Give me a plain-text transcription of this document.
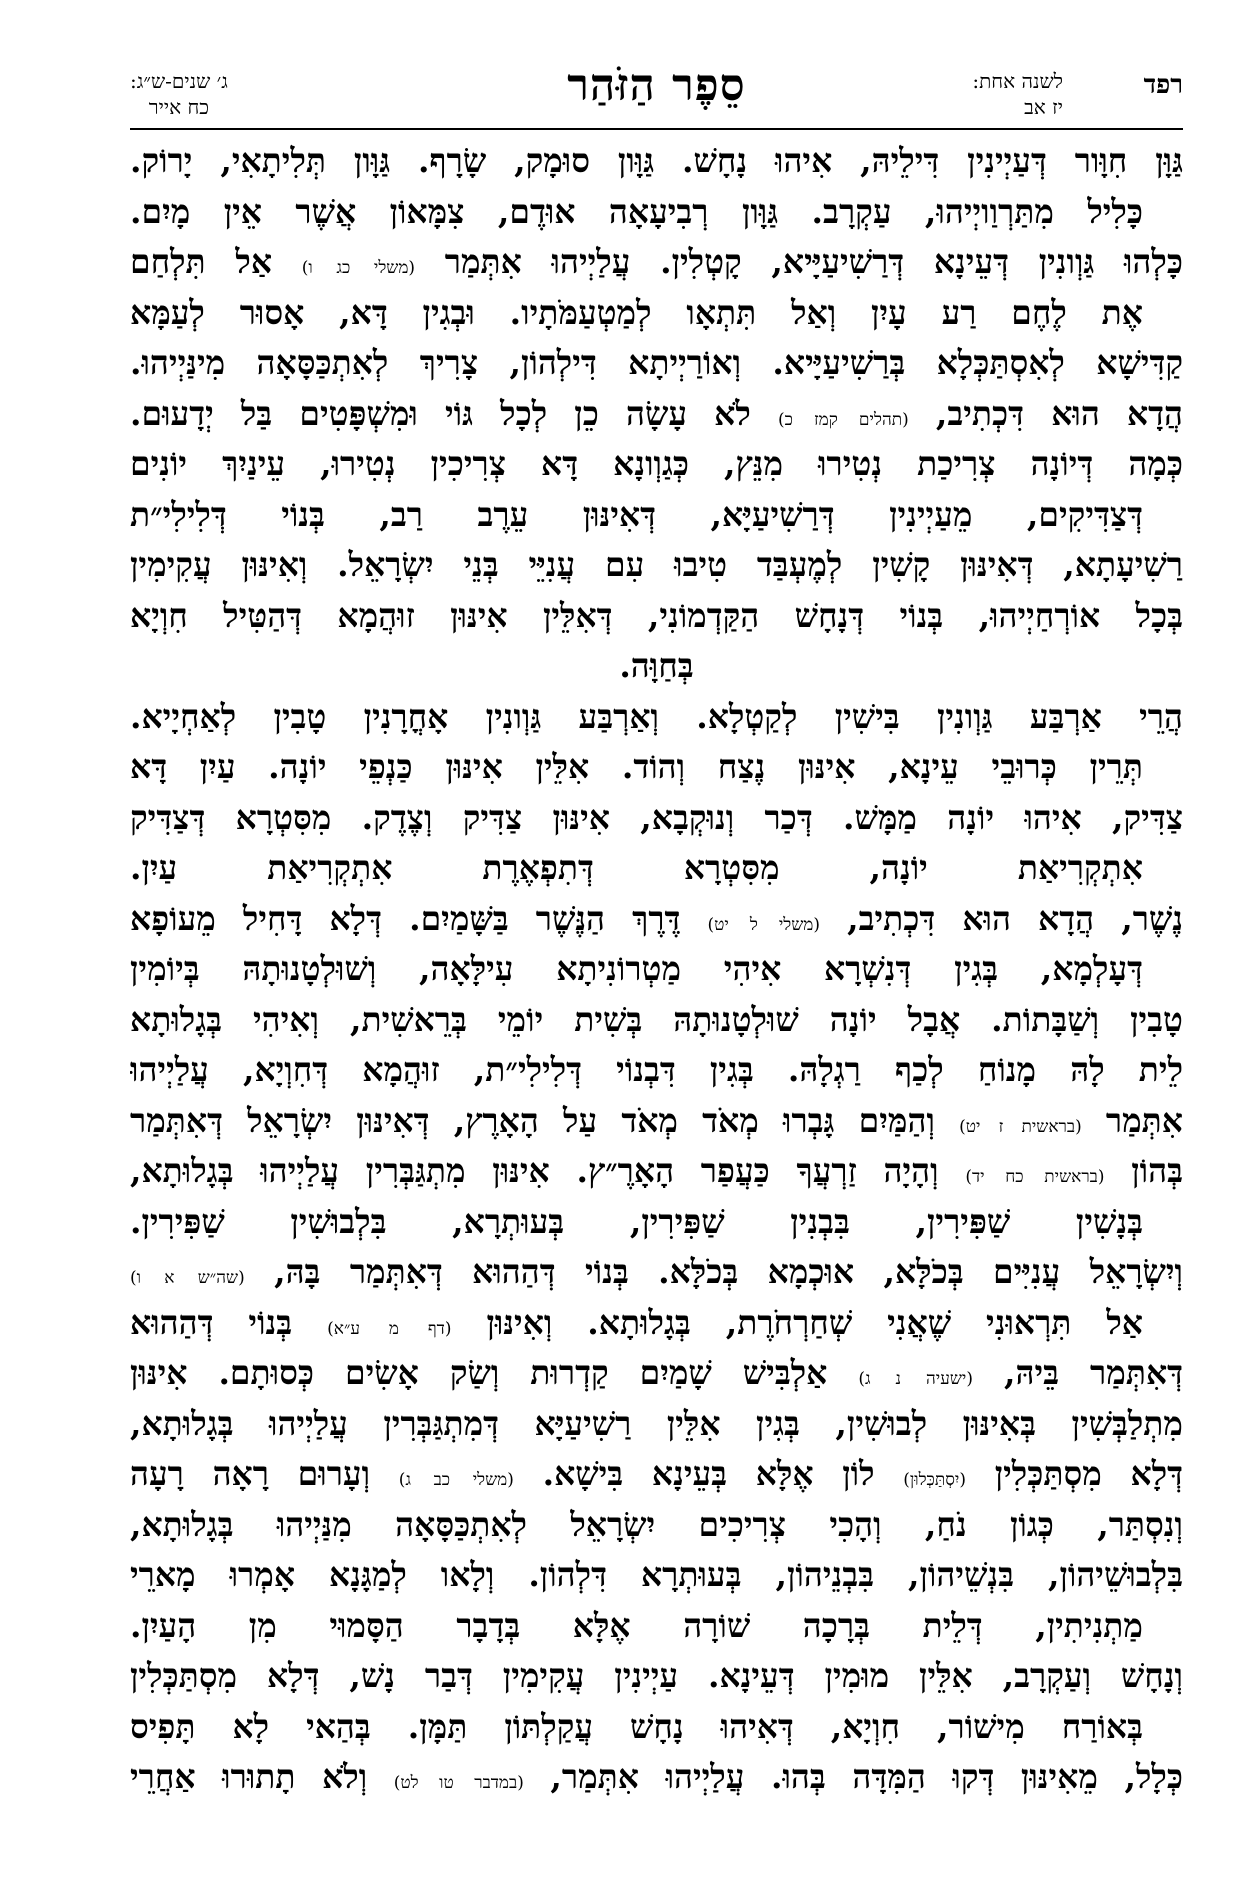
רפד
לשנה אחת:
יז אב
סֵפֶר הַזֹּהַר
ג׳ שנים-ש״ג:
כח אייר
גַּוָּן חִוָּור דְּעַיְינִין דִּילֵיהּ, אִיהוּ נָחָשׁ. גַּוָּון סוּמָק, שָׂרָף. גַּוָּון תְּלִיתָאִי, יָרוֹק.
כָּלִיל מִתַּרְוַויְיהוּ, עַקְרָב. גַּוָּון רְבִיעָאָה אוּדֶם, צִמָּאוֹן אֲשֶׁר אֵין מָיִם.
כָּלְהוּ גַּוְונִין דְּעֵינָא דְּרַשִׁיעַיָּיא, קָטְלִין. עֲלַיְיהוּ אִתְּמַר (משלי כג ו) אַל תִּלְחַם
אֶת לֶחֶם רַע עָיִן וְאַל תִּתְאָו לְמַטְעַמֹּתָיו. וּבְגִין דָּא, אָסוּר לְעַמָּא
קַדִּישָׁא לְאִסְתַּכְּלָא בְּרַשִׁיעַיָּיא. וְאוֹרַיְיתָא דִּילְהוֹן, צָרִיךְ לְאִתְכַּסָּאָה מִינַּיְיהוּ.
הֲדָא הוּא דִּכְתִיב, (תהלים קמז כ) לֹא עָשָׂה כֵן לְכָל גּוֹי וּמִשְׁפָּטִים בַּל יְדָעוּם.
כְּמָה דְּיוֹנָה צְרִיכַת נְטִירוּ מִנֵּץ, כְּגַוְונָא דָּא צְרִיכִין נְטִירוּ, עֵינַיִךְ יוֹנִים
דְּצַדִּיקִים, מֵעַיְינִין דְּרַשִׁיעַיָּא, דְּאִינּוּן עֵרֶב רַב, בְּנוֹי דְּלִילִי״ת
רַשִׁיעָתָא, דְּאִינּוּן קָשִׁין לְמֶעְבַּד טִיבוּ עִם עֲנִיֵּי בְּנֵי יִשְׂרָאֵל. וְאִינּוּן עֲקִימִין
בְּכָל אוֹרְחַיְיהוּ, בְּנוֹי דְּנָחָשׁ הַקַּדְמוֹנִי, דְּאִלֵּין אִינּוּן זוּהֲמָא דְּהַטִּיל חִוְיָא
בְּחַוָּה.
הֲרֵי אַרְבַּע גַּוְונִין בִּישִׁין לְקַטְלָא. וְאַרְבַּע גַּוְונִין אָחֳרָנִין טָבִין לְאַחְיָיא.
תְּרֵין כְּרוּבֵי עֵינָא, אִינּוּן נֶצַח וְהוֹד. אִלֵּין אִינּוּן כַּנְפֵי יוֹנָה. עַיִן דָּא
צַדִּיק, אִיהוּ יוֹנָה מַמָּשׁ. דְּכַר וְנוּקְבָא, אִינּוּן צַדִּיק וְצֶדֶק. מִסִּטְרָא דְּצַדִּיק
אִתְקְרִיאַת יוֹנָה, מִסִּטְרָא דְּתִפְאֶרֶת אִתְקְרִיאַת עַיִן.
נֶשֶׁר, הֲדָא הוּא דִּכְתִיב, (משלי ל יט) דֶּרֶךְ הַנֶּשֶׁר בַּשָּׁמַיִם. דְּלָא דָּחִיל מֵעוֹפָא
דְּעָלְמָא, בְּגִין דְּנִשְׁרָא אִיהִי מַטְרוֹנִיתָא עִילָּאָה, וְשׁוּלְטָנוּתָהּ בְּיוֹמִין
טָבִין וְשַׁבָּתוֹת. אֲבָל יוֹנָה שׁוּלְטָנוּתָהּ בְּשִׁית יוֹמֵי בְּרֵאשִׁית, וְאִיהִי בְּגָלוּתָא
לֵית לָהּ מָנוֹחַ לְכַף רַגְלָהּ. בְּגִין דִּבְנוֹי דְּלִילִי״ת, זוּהֲמָא דְּחִוְיָא, עֲלַיְיהוּ
אִתְּמַר (בראשית ז יט) וְהַמַּיִם גָּבְרוּ מְאֹד מְאֹד עַל הָאָרֶץ, דְּאִינּוּן יִשְׂרָאֵל דְּאִתְּמַר
בְּהוֹן (בראשית כח יד) וְהָיָה זַרְעֲךָ כַּעֲפַר הָאָרֶ״ץ. אִינּוּן מִתְגַּבְּרִין עֲלַיְיהוּ בְּגָלוּתָא,
בְּנָשִׁין שַׁפִּירִין, בִּבְנִין שַׁפִּירִין, בְּעוּתְרָא, בִּלְבוּשִׁין שַׁפִּירִין.
וְיִשְׂרָאֵל עֲנִיִּים בְּכֹלָּא, אוּכְמָא בְּכֹלָּא. בְּנוֹי דְּהַהוּא דְּאִתְּמַר בָּהּ, (שה״ש א ו)
אַל תִּרְאוּנִי שֶׁאֲנִי שְׁחַרְחֹרֶת, בְּגָלוּתָא. וְאִינּוּן (דף מ ע״א) בְּנוֹי דְּהַהוּא
דְּאִתְּמַר בֵּיהּ, (ישעיה נ ג) אַלְבִּישׁ שָׁמַיִם קַדְרוּת וְשַׂק אָשִׂים כְּסוּתָם. אִינּוּן
מִתְלַבְּשִׁין בְּאִינּוּן לְבוּשִׁין, בְּגִין אִלֵּין רַשִׁיעַיָּא דְּמִתְגַּבְּרִין עֲלַיְיהוּ בְּגָלוּתָא,
דְּלָא מִסְתַּכְּלִין (יִסְתַּכְּלוּן) לוֹן אֶלָּא בְּעֵינָא בִּישָׁא. (משלי כב ג) וְעָרוּם רָאָה רָעָה
וְנִסְתַּר, כְּגוֹן נֹחַ, וְהָכִי צְרִיכִים יִשְׂרָאֵל לְאִתְכַּסָּאָה מִנַּיְיהוּ בְּגָלוּתָא,
בִּלְבוּשֵׁיהוֹן, בִּנְשֵׁיהוֹן, בִּבְנֵיהוֹן, בְּעוּתְרָא דִּלְהוֹן. וְלָאו לְמַגָּנָא אָמְרוּ מָארֵי
מַתְנִיתִין, דְּלֵית בְּרָכָה שׁוֹרָה אֶלָּא בְּדָבָר הַסָּמוּי מִן הָעַיִן.
וְנָחָשׁ וְעַקְרָב, אִלֵּין מוּמִין דְּעֵינָא. עַיְינִין עֲקִימִין דְּבַר נָשׁ, דְּלָא מִסְתַּכְּלִין
בְּאוֹרַח מִישׁוֹר, חִוְיָא, דְּאִיהוּ נָחָשׁ עֲקַלְתּוֹן תַּמָּן. בְּהַאי לָא תָּפִיס
כְּלָל, מֵאִינּוּן דְּקוּ הַמִּדָּה בְּהוּ. עֲלַיְיהוּ אִתְּמַר, (במדבר טו לט) וְלֹא תָתוּרוּ אַחֲרֵי
